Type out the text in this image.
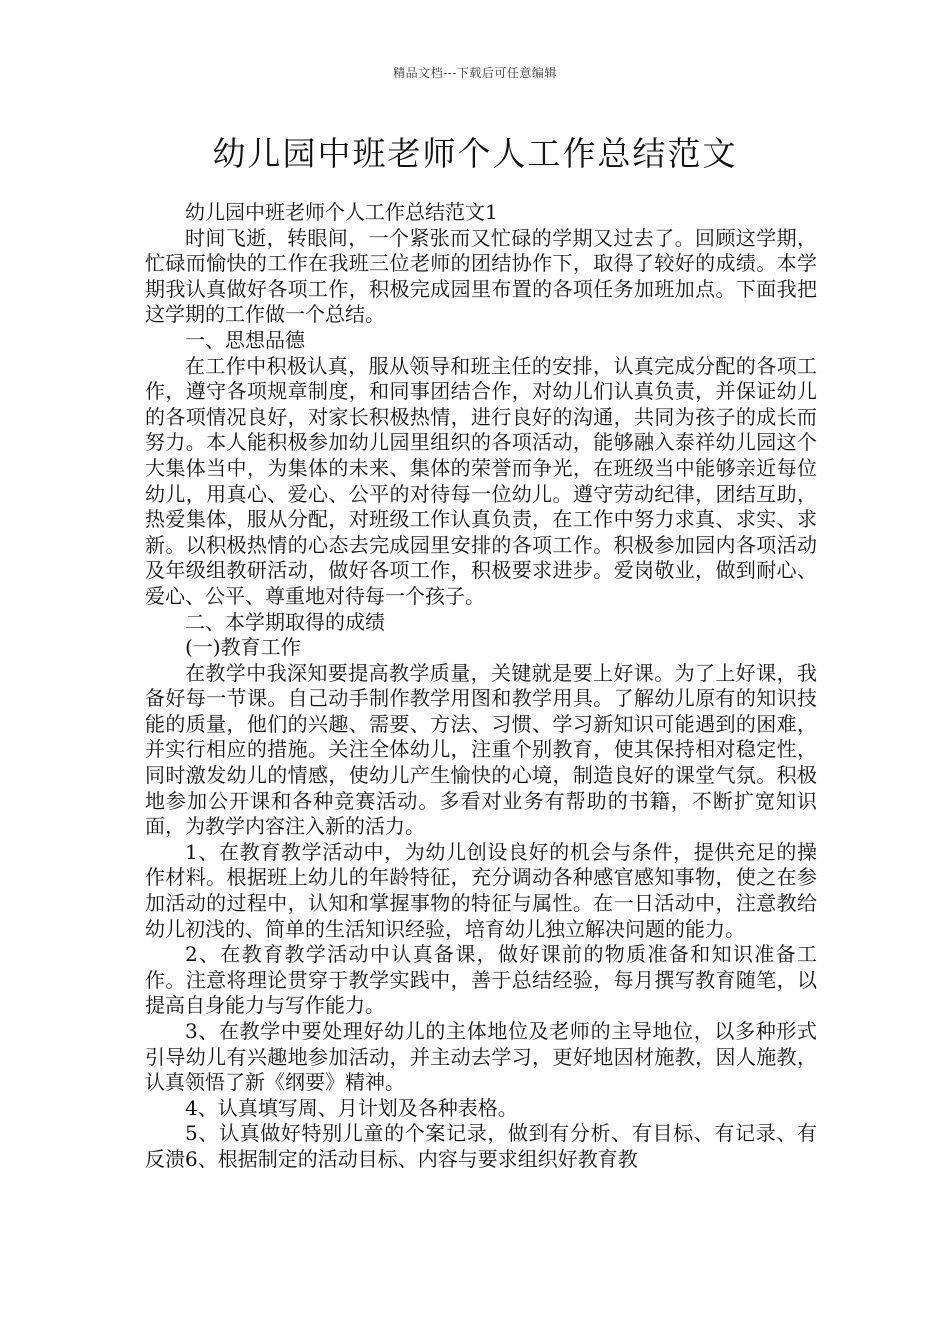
精品文档---下载后可任意编辑
幼儿园中班老师个人工作总结范文

幼儿园中班老师个人工作总结范文1

时间飞逝，转眼间，一个紧张而又忙碌的学期又过去了。回顾这学期，忙碌而愉快的工作在我班三位老师的团结协作下，取得了较好的成绩。本学期我认真做好各项工作，积极完成园里布置的各项任务加班加点。下面我把这学期的工作做一个总结。

一、思想品德

在工作中积极认真，服从领导和班主任的安排，认真完成分配的各项工作，遵守各项规章制度，和同事团结合作，对幼儿们认真负责，并保证幼儿的各项情况良好，对家长积极热情，进行良好的沟通，共同为孩子的成长而努力。本人能积极参加幼儿园里组织的各项活动，能够融入泰祥幼儿园这个大集体当中，为集体的未来、集体的荣誉而争光，在班级当中能够亲近每位幼儿，用真心、爱心、公平的对待每一位幼儿。遵守劳动纪律，团结互助，热爱集体，服从分配，对班级工作认真负责，在工作中努力求真、求实、求新。以积极热情的心态去完成园里安排的各项工作。积极参加园内各项活动及年级组教研活动，做好各项工作，积极要求进步。爱岗敬业，做到耐心、爱心、公平、尊重地对待每一个孩子。

二、本学期取得的成绩

(一)教育工作

在教学中我深知要提高教学质量，关键就是要上好课。为了上好课，我备好每一节课。自己动手制作教学用图和教学用具。了解幼儿原有的知识技能的质量，他们的兴趣、需要、方法、习惯、学习新知识可能遇到的困难，并实行相应的措施。关注全体幼儿，注重个别教育，使其保持相对稳定性，同时激发幼儿的情感，使幼儿产生愉快的心境，制造良好的课堂气氛。积极地参加公开课和各种竞赛活动。多看对业务有帮助的书籍，不断扩宽知识面，为教学内容注入新的活力。

1、在教育教学活动中，为幼儿创设良好的机会与条件，提供充足的操作材料。根据班上幼儿的年龄特征，充分调动各种感官感知事物，使之在参加活动的过程中，认知和掌握事物的特征与属性。在一日活动中，注意教给幼儿初浅的、简单的生活知识经验，培育幼儿独立解决问题的能力。

2、在教育教学活动中认真备课，做好课前的物质准备和知识准备工作。注意将理论贯穿于教学实践中，善于总结经验，每月撰写教育随笔，以提高自身能力与写作能力。

3、在教学中要处理好幼儿的主体地位及老师的主导地位，以多种形式引导幼儿有兴趣地参加活动，并主动去学习，更好地因材施教，因人施教，认真领悟了新《纲要》精神。

4、认真填写周、月计划及各种表格。

5、认真做好特别儿童的个案记录，做到有分析、有目标、有记录、有反溃6、根据制定的活动目标、内容与要求组织好教育教
